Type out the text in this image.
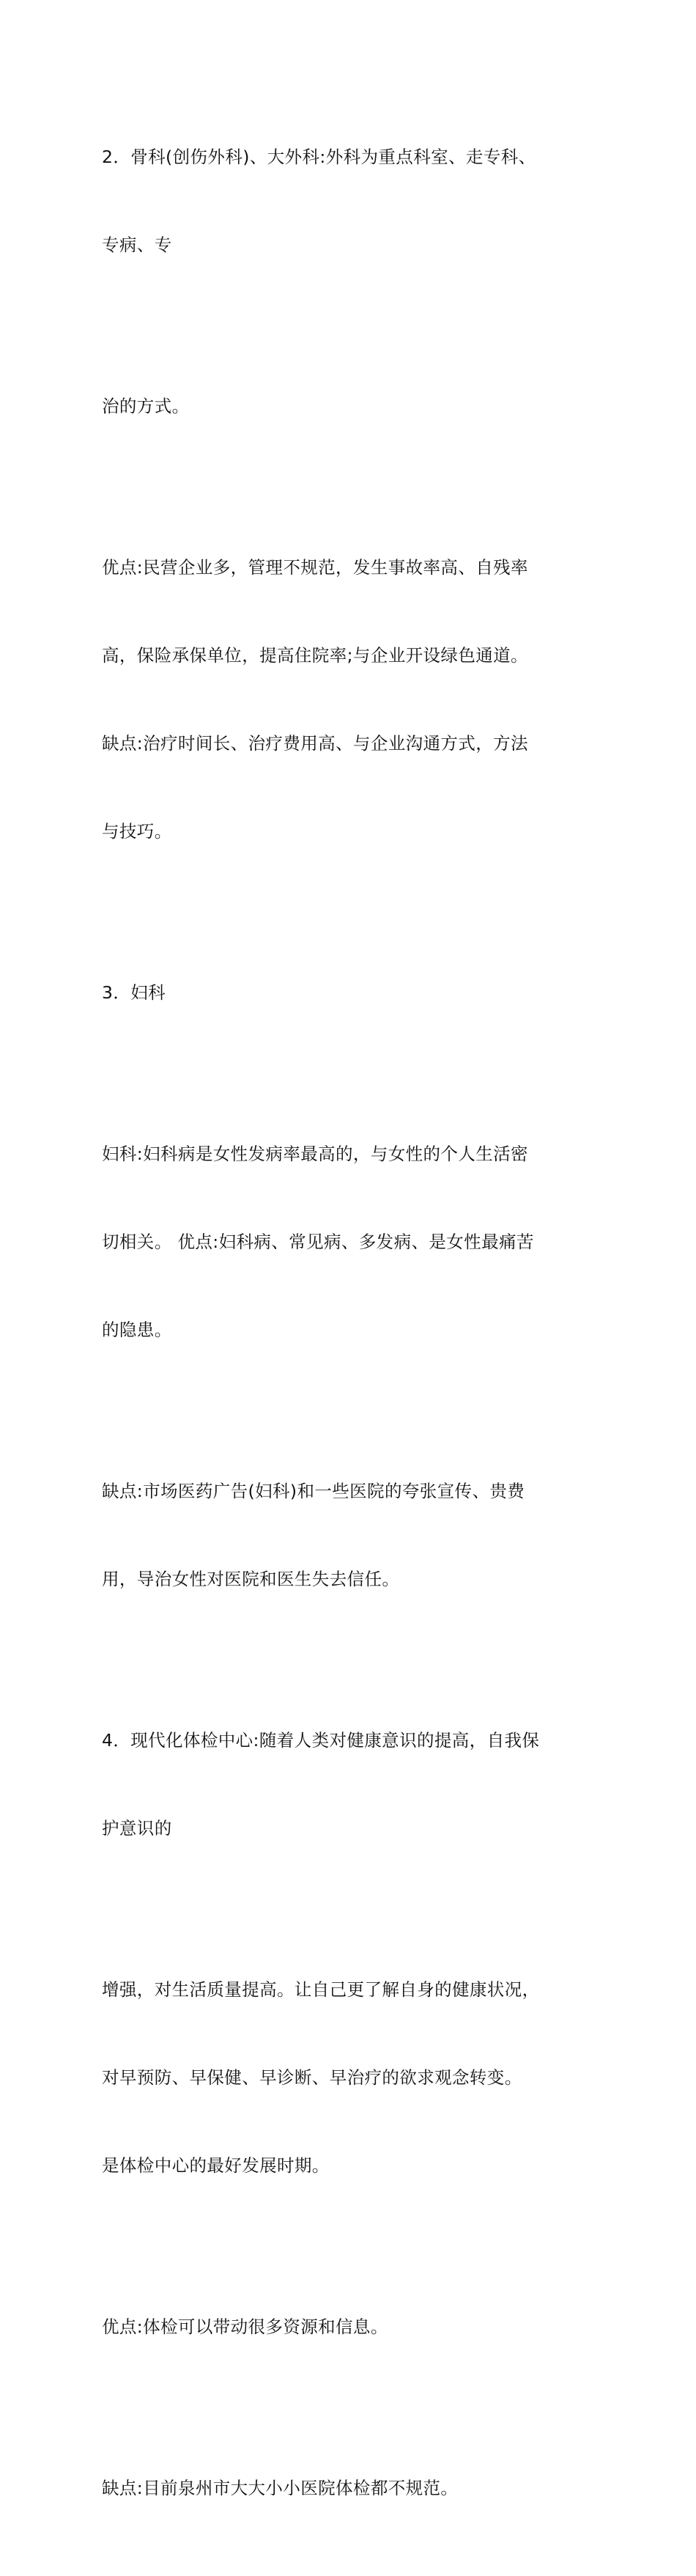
2．骨科(创伤外科)、大外科:外科为重点科室、走专科、

专病、专

治的方式。

优点:民营企业多，管理不规范，发生事故率高、自残率

高，保险承保单位，提高住院率;与企业开设绿色通道。

缺点:治疗时间长、治疗费用高、与企业沟通方式，方法

与技巧。

3．妇科

妇科:妇科病是女性发病率最高的，与女性的个人生活密

切相关。 优点:妇科病、常见病、多发病、是女性最痛苦

的隐患。

缺点:市场医药广告(妇科)和一些医院的夸张宣传、贵费

用，导治女性对医院和医生失去信任。

4．现代化体检中心:随着人类对健康意识的提高，自我保

护意识的

增强，对生活质量提高。让自己更了解自身的健康状况，

对早预防、早保健、早诊断、早治疗的欲求观念转变。

是体检中心的最好发展时期。

优点:体检可以带动很多资源和信息。

缺点:目前泉州市大大小小医院体检都不规范。
